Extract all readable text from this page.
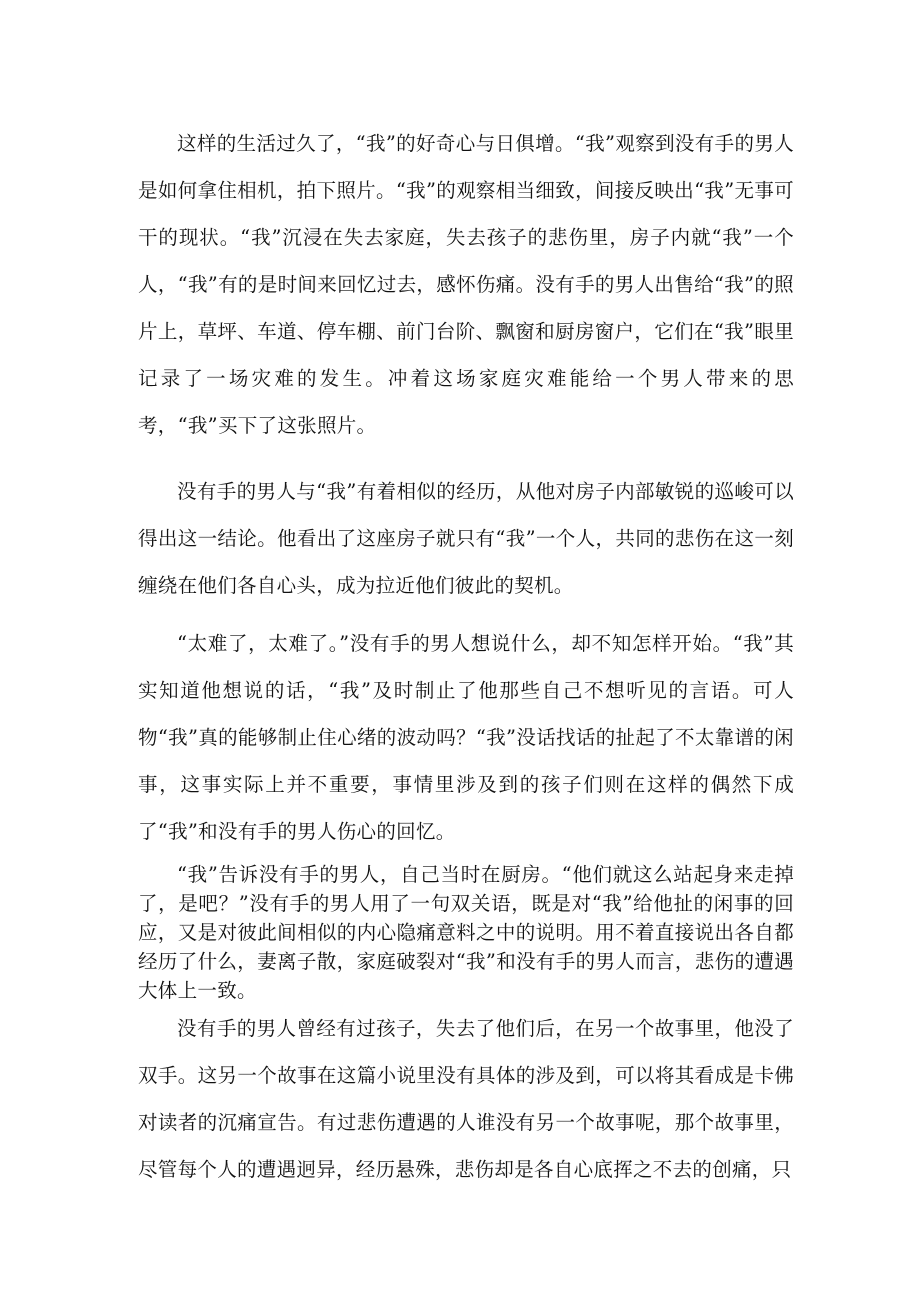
这样的生活过久了，“我”的好奇心与日俱增。“我”观察到没有手的男人是如何拿住相机，拍下照片。“我”的观察相当细致，间接反映出“我”无事可干的现状。“我”沉浸在失去家庭，失去孩子的悲伤里，房子内就“我”一个人，“我”有的是时间来回忆过去，感怀伤痛。没有手的男人出售给“我”的照片上，草坪、车道、停车棚、前门台阶、飘窗和厨房窗户，它们在“我”眼里记录了一场灾难的发生。冲着这场家庭灾难能给一个男人带来的思考，“我”买下了这张照片。

没有手的男人与“我”有着相似的经历，从他对房子内部敏锐的巡峻可以得出这一结论。他看出了这座房子就只有“我”一个人，共同的悲伤在这一刻缠绕在他们各自心头，成为拉近他们彼此的契机。

“太难了，太难了。”没有手的男人想说什么，却不知怎样开始。“我”其实知道他想说的话，“我”及时制止了他那些自己不想听见的言语。可人物“我”真的能够制止住心绪的波动吗？“我”没话找话的扯起了不太靠谱的闲事，这事实际上并不重要，事情里涉及到的孩子们则在这样的偶然下成了“我”和没有手的男人伤心的回忆。

“我”告诉没有手的男人，自己当时在厨房。“他们就这么站起身来走掉了，是吧？”没有手的男人用了一句双关语，既是对“我”给他扯的闲事的回应，又是对彼此间相似的内心隐痛意料之中的说明。用不着直接说出各自都经历了什么，妻离子散，家庭破裂对“我”和没有手的男人而言，悲伤的遭遇大体上一致。

没有手的男人曾经有过孩子，失去了他们后，在另一个故事里，他没了双手。这另一个故事在这篇小说里没有具体的涉及到，可以将其看成是卡佛对读者的沉痛宣告。有过悲伤遭遇的人谁没有另一个故事呢，那个故事里，尽管每个人的遭遇迥异，经历悬殊，悲伤却是各自心底挥之不去的创痛，只
